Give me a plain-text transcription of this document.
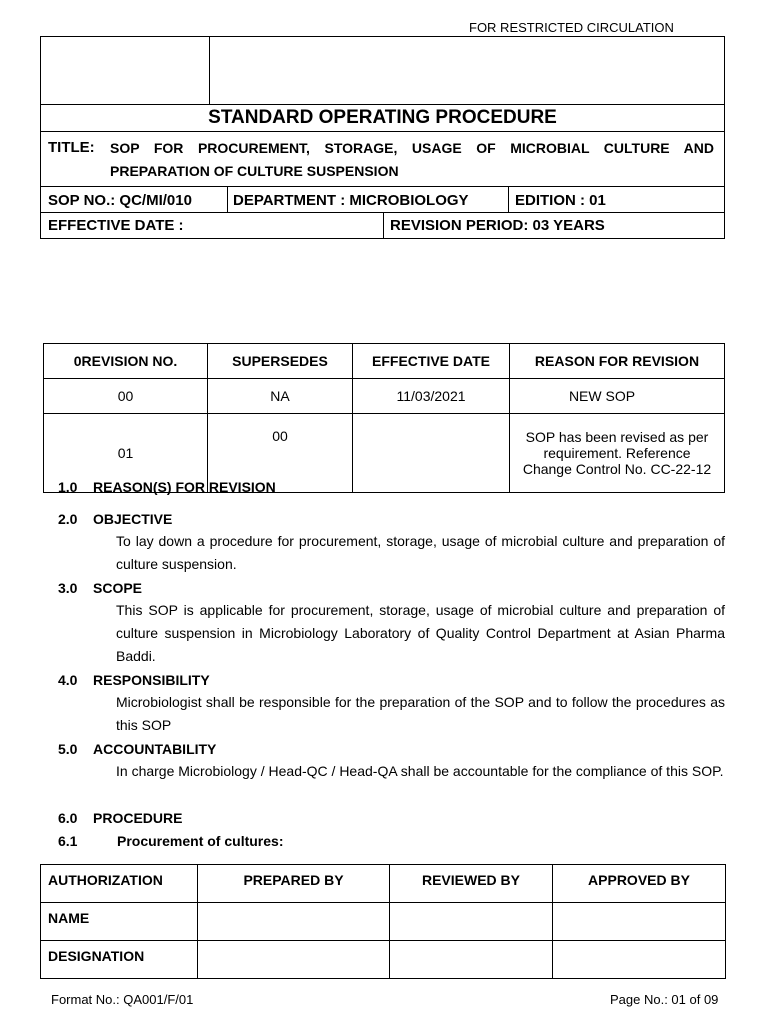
FOR RESTRICTED CIRCULATION
STANDARD OPERATING PROCEDURE
TITLE: SOP FOR PROCUREMENT, STORAGE, USAGE OF MICROBIAL CULTURE AND
PREPARATION OF CULTURE SUSPENSION
SOP NO.: QC/MI/010	DEPARTMENT : MICROBIOLOGY	EDITION : 01
EFFECTIVE DATE :	REVISION PERIOD: 03 YEARS
0REVISION NO.	SUPERSEDES	EFFECTIVE DATE	REASON FOR REVISION
00	NA	11/03/2021	NEW SOP
01	00		SOP has been revised as per requirement. Reference Change Control No. CC-22-12
1.0 REASON(S) FOR REVISION
2.0 OBJECTIVE
To lay down a procedure for procurement, storage, usage of microbial culture and preparation of culture suspension.
3.0 SCOPE
This SOP is applicable for procurement, storage, usage of microbial culture and preparation of culture suspension in Microbiology Laboratory of Quality Control Department at Asian Pharma Baddi.
4.0 RESPONSIBILITY
Microbiologist shall be responsible for the preparation of the SOP and to follow the procedures as this SOP
5.0 ACCOUNTABILITY
In charge Microbiology / Head-QC / Head-QA shall be accountable for the compliance of this SOP.
6.0 PROCEDURE
6.1	Procurement of cultures:
AUTHORIZATION	PREPARED BY	REVIEWED BY	APPROVED BY
NAME			
DESIGNATION			
Format No.: QA001/F/01	Page No.: 01 of 09
